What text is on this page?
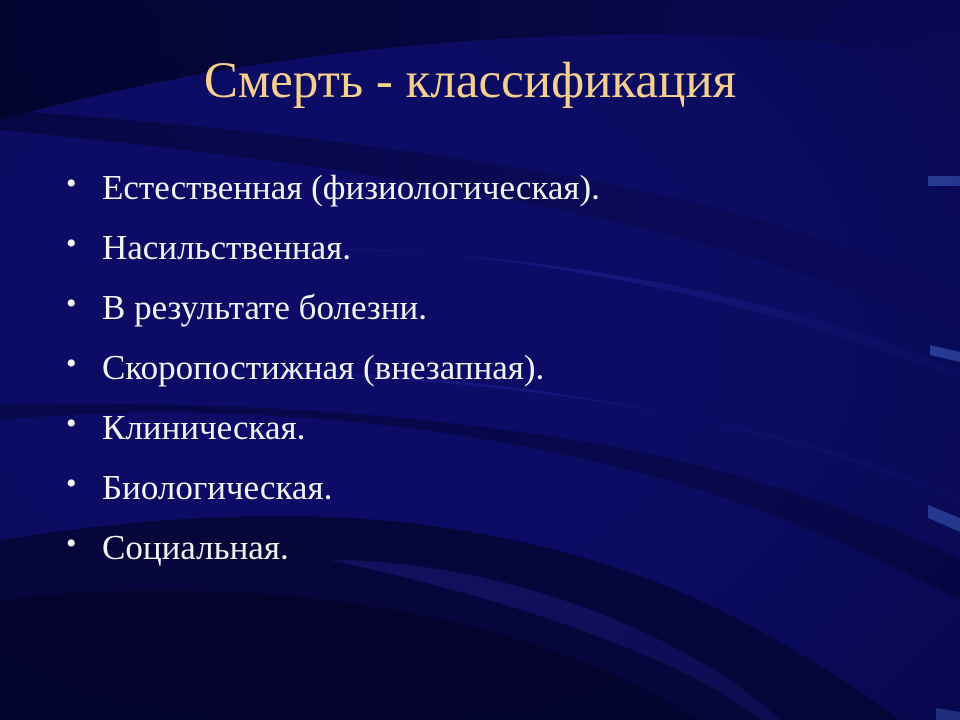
Смерть - классификация
• Естественная (физиологическая).
• Насильственная.
• В результате болезни.
• Скоропостижная (внезапная).
• Клиническая.
• Биологическая.
• Социальная.
